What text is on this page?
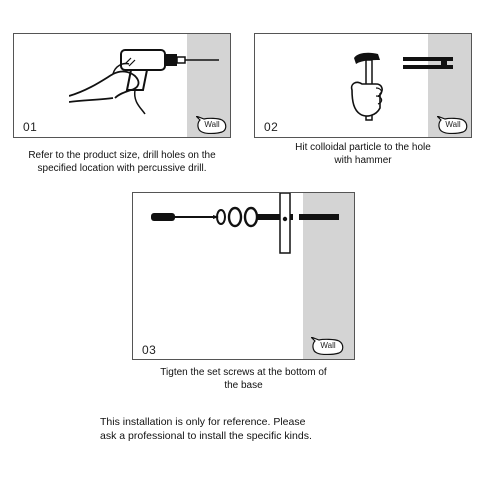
01	Wall
Refer to the product size, drill holes on the
specified location with percussive drill.
02	Wall
Hit colloidal particle to the hole
with hammer
03	Wall
Tigten the set screws at the bottom of
the base
This installation is only for reference. Please
ask a professional to install the specific kinds.
